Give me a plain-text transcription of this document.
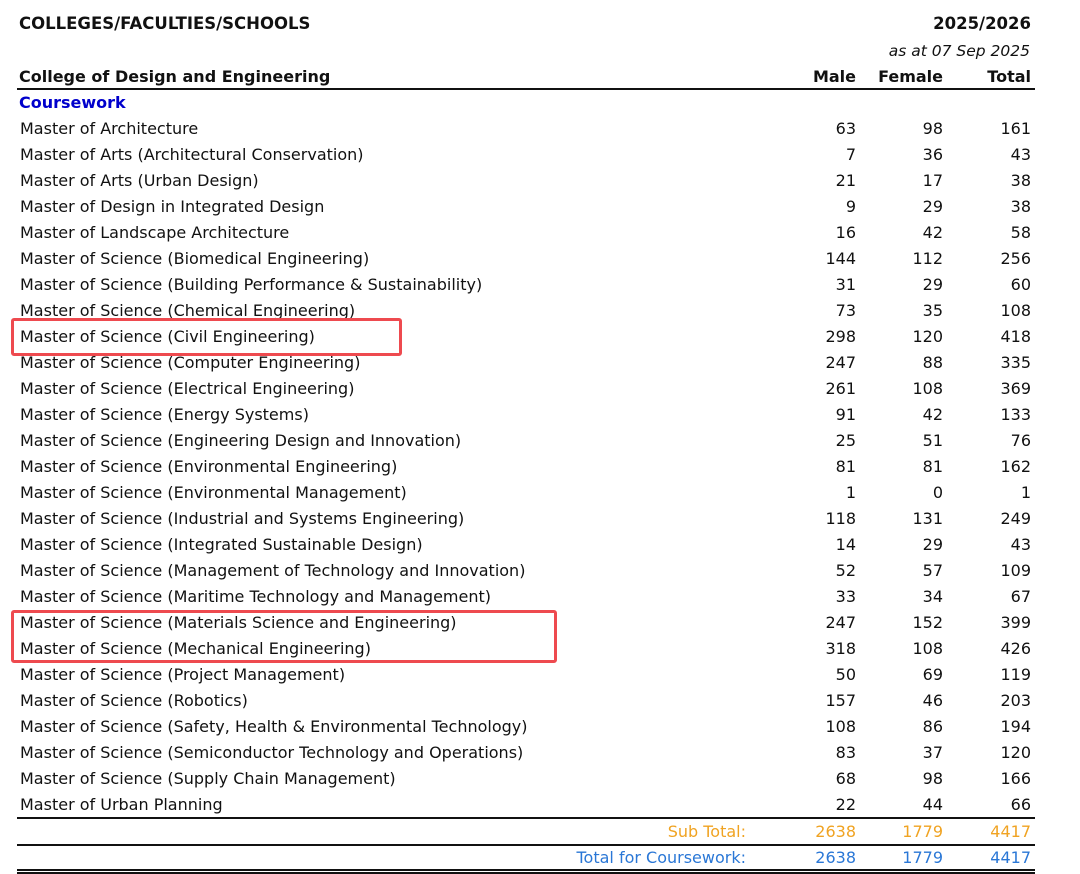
COLLEGES/FACULTIES/SCHOOLS	2025/2026
as at 07 Sep 2025
College of Design and Engineering	Male Female	Total
Coursework
Master of Architecture	63	98	161
Master of Arts (Architectural Conservation)	7	36	43
Master of Arts (Urban Design)	21	17	38
Master of Design in Integrated Design	9	29	38
Master of Landscape Architecture	16	42	58
Master of Science (Biomedical Engineering)	144	112	256
Master of Science (Building Performance & Sustainability)	31	29	60
Master of Science (Chemical Engineering)	73	35	108
Master of Science (Civil Engineering)	298	120	418
Master of Science (Computer Engineering)	247	88	335
Master of Science (Electrical Engineering)	261	108	369
Master of Science (Energy Systems)	91	42	133
Master of Science (Engineering Design and Innovation)	25	51	76
Master of Science (Environmental Engineering)	81	81	162
Master of Science (Environmental Management)	1	0	1
Master of Science (Industrial and Systems Engineering)	118	131	249
Master of Science (Integrated Sustainable Design)	14	29	43
Master of Science (Management of Technology and Innovation)	52	57	109
Master of Science (Maritime Technology and Management)	33	34	67
Master of Science (Materials Science and Engineering)	247	152	399
Master of Science (Mechanical Engineering)	318	108	426
Master of Science (Project Management)	50	69	119
Master of Science (Robotics)	157	46	203
Master of Science (Safety, Health & Environmental Technology)	108	86	194
Master of Science (Semiconductor Technology and Operations)	83	37	120
Master of Science (Supply Chain Management)	68	98	166
Master of Urban Planning	22	44	66
Sub Total:	2638	1779	4417
Total for Coursework:	2638	1779	4417
